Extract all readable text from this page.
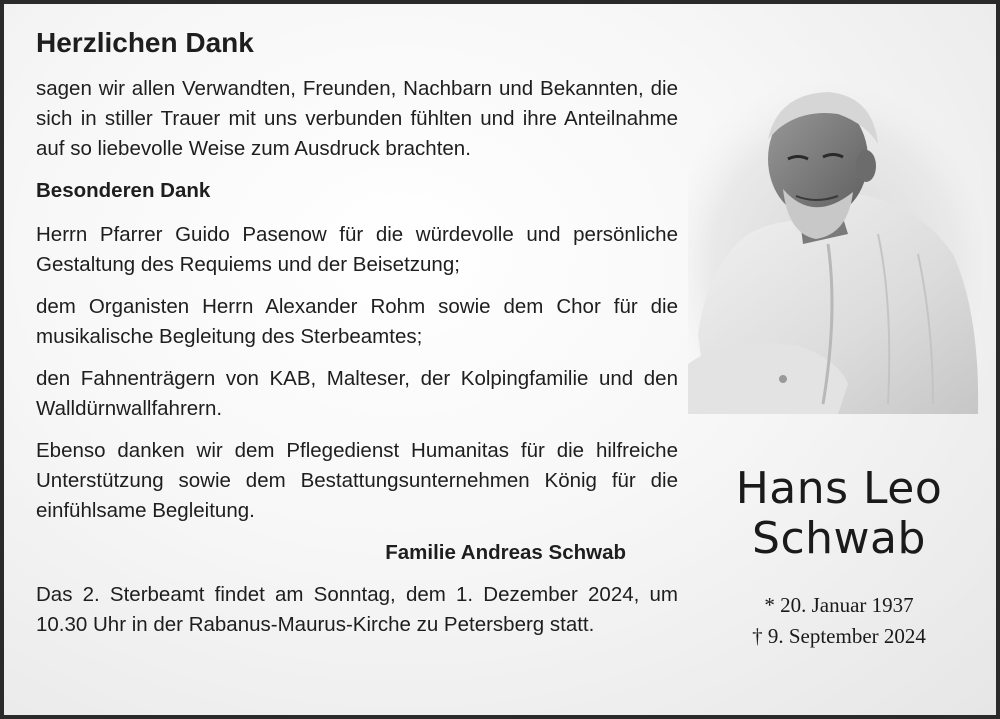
Herzlichen Dank

sagen wir allen Verwandten, Freunden, Nachbarn und Bekannten, die sich in stiller Trauer mit uns verbunden fühlten und ihre Anteilnahme auf so liebevolle Weise zum Ausdruck brachten.

Besonderen Dank

Herrn Pfarrer Guido Pasenow für die würdevolle und persönliche Gestaltung des Requiems und der Beisetzung;

dem Organisten Herrn Alexander Rohm sowie dem Chor für die musikalische Begleitung des Sterbeamtes;

den Fahnenträgern von KAB, Malteser, der Kolpingfamilie und den Walldürnwallfahrern.

Ebenso danken wir dem Pflegedienst Humanitas für die hilfreiche Unterstützung sowie dem Bestattungsunternehmen König für die einfühlsame Begleitung.

Familie Andreas Schwab

Das 2. Sterbeamt findet am Sonntag, dem 1. Dezember 2024, um 10.30 Uhr in der Rabanus-Maurus-Kirche zu Petersberg statt.

Hans Leo
Schwab
* 20. Januar 1937
† 9. September 2024
